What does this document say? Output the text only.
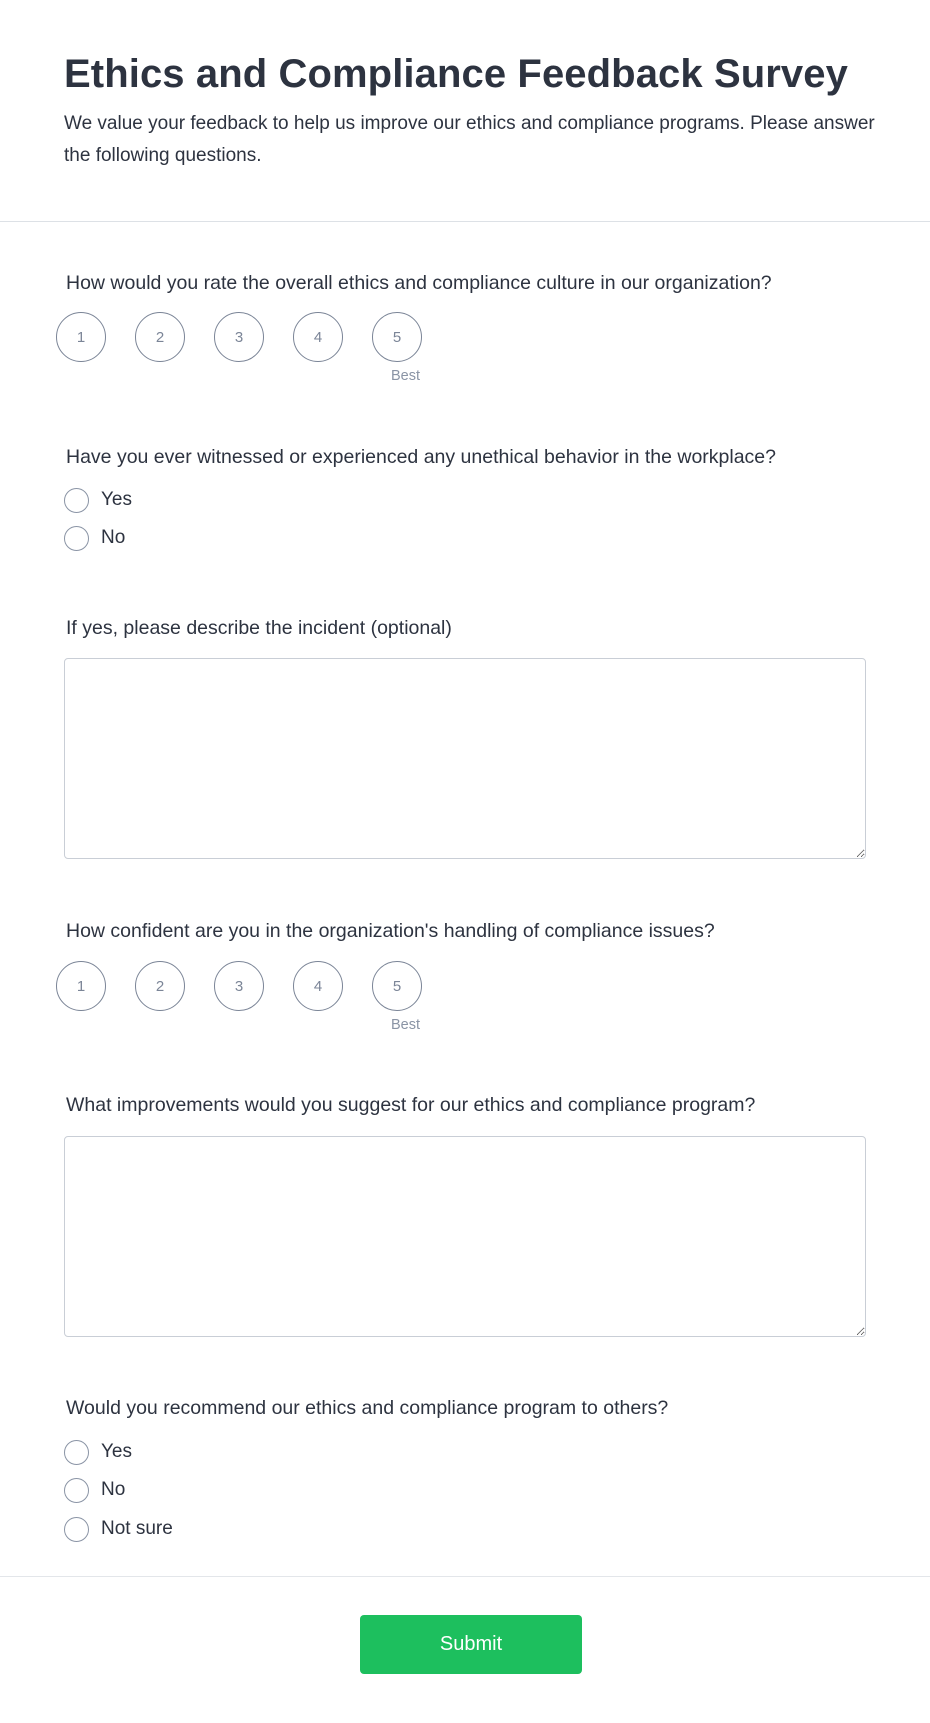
Ethics and Compliance Feedback Survey

We value your feedback to help us improve our ethics and compliance programs. Please answer the following questions.

How would you rate the overall ethics and compliance culture in our organization?
1	2	3	4	5
Best
Have you ever witnessed or experienced any unethical behavior in the workplace?
Yes
No
If yes, please describe the incident (optional)
How confident are you in the organization's handling of compliance issues?
1	2	3	4	5
Best
What improvements would you suggest for our ethics and compliance program?
Would you recommend our ethics and compliance program to others?
Yes
No
Not sure
Submit
